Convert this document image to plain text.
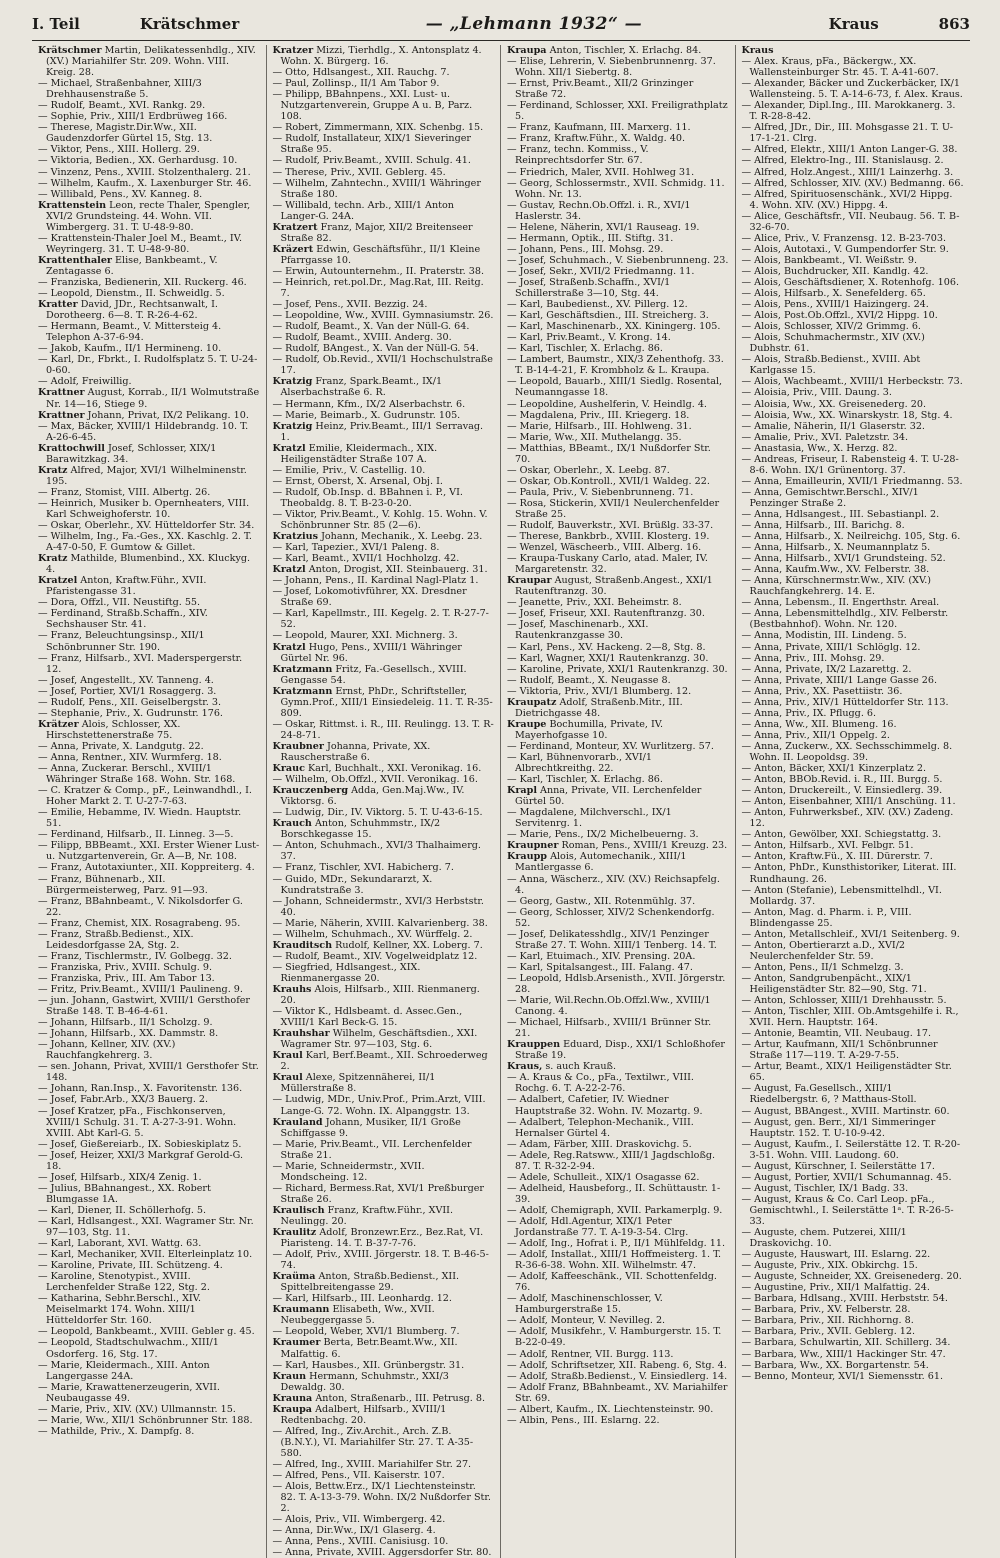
I. Teil	Krätschmer	— „Lehmann 1932“ —	Kraus	863

Krätschmer Martin, Delikatessenhdlg., XIV. (XV.) Mariahilfer Str. 209. Wohn. VIII. Kreig. 28.

— Michael, Straßenbahner, XIII/3 Drehhausenstraße 5.

— Rudolf, Beamt., XVI. Rankg. 29.

— Sophie, Priv., XIII/1 Erdbrüweg 166.

— Therese, Magistr.Dir.Ww., XII. Gaudenzdorfer Gürtel 15, Stg. 13.

— Viktor, Pens., XIII. Hollerg. 29.

— Viktoria, Bedien., XX. Gerhardusg. 10.

— Vinzenz, Pens., XVIII. Stolzenthalerg. 21.

— Wilhelm, Kaufm., X. Laxenburger Str. 46.

— Willibald, Pens., XV. Kanneg. 8.

Krattenstein Leon, recte Thaler, Spengler, XVI/2 Grundsteing. 44. Wohn. VII. Wimbergerg. 31. T. U-48-9-80.

— Krattenstein-Thaler Joel M., Beamt., IV. Weyringerg. 31. T. U-48-9-80.

Krattenthaler Elise, Bankbeamt., V. Zentagasse 6.

— Franziska, Bedienerin, XII. Ruckerg. 46.

— Leopold, Dienstm., II. Schweidlg. 5.

Kratter David, JDr., Rechtsanwalt, I. Dorotheerg. 6—8. T. R-26-4-62.

— Hermann, Beamt., V. Mittersteig 4. Telephon A-37-6-94.

— Jakob, Kaufm., II/1 Hermineng. 10.

— Karl, Dr., Fbrkt., I. Rudolfsplatz 5. T. U-24-0-60.

— Adolf, Freiwillig.

Krattner August, Korrab., II/1 Wolmutstraße Nr. 14—16, Stiege 9.

Krattner Johann, Privat, IX/2 Pelikang. 10.

— Max, Bäcker, XVIII/1 Hildebrandg. 10. T. A-26-6-45.

Krattochwill Josef, Schlosser, XIX/1 Barawitzkag. 34.

Kratz Alfred, Major, XVI/1 Wilhelminenstr. 195.

— Franz, Stomist, VIII. Albertg. 26.

— Heinrich, Musiker b. Opernheaters, VIII. Karl Schweighoferstr. 10.

— Oskar, Oberlehr., XV. Hütteldorfer Str. 34.

— Wilhelm, Ing., Fa.-Ges., XX. Kaschlg. 2. T. A-47-0-50, F. Gumtow & Gillet.

Kratz Mathilde, Blumenbind., XX. Kluckyg. 4.

Kratzel Anton, Kraftw.Führ., XVII. Pfaristengasse 31.

— Dora, Offzl., VII. Neustiftg. 55.

— Ferdinand, Straßb.Schaffn., XIV. Sechshauser Str. 41.

— Franz, Beleuchtungsinsp., XII/1 Schönbrunner Str. 190.

— Franz, Hilfsarb., XVI. Maderspergerstr. 12.

— Josef, Angestellt., XV. Tanneng. 4.

— Josef, Portier, XVI/1 Rosaggerg. 3.

— Rudolf, Pens., XII. Geiselbergstr. 3.

— Stephanie, Priv., X. Gudrunstr. 176.

Krätzer Alois, Schlosser, XX. Hirschstettenerstraße 75.

— Anna, Private, X. Landgutg. 22.

— Anna, Rentner., XIV. Wurmferg. 18.

— Anna, Zuckerar. Berschl., XVIII/1 Währinger Straße 168. Wohn. Str. 168.

— C. Kratzer & Comp., pF., Leinwandhdl., I. Hoher Markt 2. T. U-27-7-63.

— Emilie, Hebamme, IV. Wiedn. Hauptstr. 51.

— Ferdinand, Hilfsarb., II. Linneg. 3—5.

— Filipp, BBBeamt., XXI. Erster Wiener Lust- u. Nutzgartenverein, Gr. A—B, Nr. 108.

— Franz, Autotaxiunter., XII. Koppreiterg. 4.

— Franz, Bühnenarb., XII. Bürgermeisterweg, Parz. 91—93.

— Franz, BBahnbeamt., V. Nikolsdorfer G. 22.

— Franz, Chemist, XIX. Rosagrabeng. 95.

— Franz, Straßb.Bedienst., XIX. Leidesdorfgasse 2A, Stg. 2.

— Franz, Tischlermstr., IV. Golbegg. 32.

— Franziska, Priv., XVIII. Schulg. 9.

— Franziska, Priv., III. Am Tabor 13.

— Fritz, Priv.Beamt., XVIII/1 Paulineng. 9.

— jun. Johann, Gastwirt, XVIII/1 Gersthofer Straße 148. T. B-46-4-61.

— Johann, Hilfsarb., II/1 Scholzg. 9.

— Johann, Hilfsarb., XX. Dammstr. 8.

— Johann, Kellner, XIV. (XV.) Rauchfangkehrerg. 3.

— sen. Johann, Privat, XVIII/1 Gersthofer Str. 148.

— Johann, Ran.Insp., X. Favoritenstr. 136.

— Josef, Fabr.Arb., XX/3 Bauerg. 2.

— Josef Kratzer, pFa., Fischkonserven, XVIII/1 Schulg. 31. T. A-27-3-91. Wohn. XVIII. Abt Karl-G. 5.

— Josef, Gießereiarb., IX. Sobieskiplatz 5.

— Josef, Heizer, XXI/3 Markgraf Gerold-G. 18.

— Josef, Hilfsarb., XIX/4 Zenig. 1.

— Julius, BBahnangest., XX. Robert Blumgasse 1A.

— Karl, Diener, II. Schöllerhofg. 5.

— Karl, Hdlsangest., XXI. Wagramer Str. Nr. 97—103, Stg. 11.

— Karl, Laborant, XVI. Wattg. 63.

— Karl, Mechaniker, XVII. Elterleinplatz 10.

— Karoline, Private, III. Schützeng. 4.

— Karoline, Stenotypist., XVIII. Lerchenfelder Straße 122, Stg. 2.

— Katharina, Sebhr.Berschl., XIV. Meiselmarkt 174. Wohn. XIII/1 Hütteldorfer Str. 160.

— Leopold, Bankbeamt., XVIII. Gebler g. 45.

— Leopold, Stadtschulwachm., XIII/1 Osdorferg. 16, Stg. 17.

— Marie, Kleidermach., XIII. Anton Langergasse 24A.

— Marie, Krawattenerzeugerin, XVII. Neubaugasse 49.

— Marie, Priv., XIV. (XV.) Ullmannstr. 15.

— Marie, Ww., XII/1 Schönbrunner Str. 188.

— Mathilde, Priv., X. Dampfg. 8.

Kratzer Mizzi, Tierhdlg., X. Antonsplatz 4. Wohn. X. Bürgerg. 16.

— Otto, Hdlsangest., XII. Rauchg. 7.

— Paul, Zollinsp., II/1 Am Tabor 9.

— Philipp, BBahnpens., XXI. Lust- u. Nutzgartenverein, Gruppe A u. B, Parz. 108.

— Robert, Zimmermann, XIX. Schenbg. 15.

— Rudolf, Installateur, XIX/1 Sieveringer Straße 95.

— Rudolf, Priv.Beamt., XVIII. Schulg. 41.

— Therese, Priv., XVII. Geblerg. 45.

— Wilhelm, Zahntechn., XVIII/1 Währinger Straße 180.

— Willibald, techn. Arb., XIII/1 Anton Langer-G. 24A.

Kratzert Franz, Major, XII/2 Breitenseer Straße 82.

Kräzert Edwin, Geschäftsführ., II/1 Kleine Pfarrgasse 10.

— Erwin, Autounternehm., II. Praterstr. 38.

— Heinrich, ret.pol.Dr., Mag.Rat, III. Reitg. 7.

— Josef, Pens., XVII. Bezzig. 24.

— Leopoldine, Ww., XVIII. Gymnasiumstr. 26.

— Rudolf, Beamt., X. Van der Nüll-G. 64.

— Rudolf, Beamt., XVIII. Anderg. 30.

— Rudolf, BAngest., X. Van der Nüll-G. 54.

— Rudolf, Ob.Revid., XVII/1 Hochschulstraße 17.

Kratzig Franz, Spark.Beamt., IX/1 Alserbachstraße 6. R.

— Hermann, Kfm., IX/2 Alserbachstr. 6.

— Marie, Beimarb., X. Gudrunstr. 105.

Kratzig Heinz, Priv.Beamt., III/1 Serravag. 1.

Kratzl Emilie, Kleidermach., XIX. Heiligenstädter Straße 107 A.

— Emilie, Priv., V. Castellig. 10.

— Ernst, Oberst, X. Arsenal, Obj. I.

— Rudolf, Ob.Insp. d. BBahnen i. P., VI. Theobaldg. 8. T. B-23-0-20.

— Viktor, Priv.Beamt., V. Kohlg. 15. Wohn. V. Schönbrunner Str. 85 (2—6).

Kratzius Johann, Mechanik., X. Leebg. 23.

— Karl, Tapezier., XVI/1 Paleng. 8.

— Karl, Beamt., XVII/1 Hochholzg. 42.

Kratzl Anton, Drogist, XII. Steinbauerg. 31.

— Johann, Pens., II. Kardinal Nagl-Platz 1.

— Josef, Lokomotivführer, XX. Dresdner Straße 69.

— Karl, Kapellmstr., III. Kegelg. 2. T. R-27-7-52.

— Leopold, Maurer, XXI. Michnerg. 3.

Kratzl Hugo, Pens., XVIII/1 Währinger Gürtel Nr. 96.

Kratzmann Fritz, Fa.-Gesellsch., XVIII. Gengasse 54.

Kratzmann Ernst, PhDr., Schriftsteller, Gymn.Prof., XIII/1 Einsiedeleig. 11. T. R-35-809.

— Oskar, Rittmst. i. R., III. Reulingg. 13. T. R-24-8-71.

Kraubner Johanna, Private, XX. Rauscherstraße 6.

Krauc Karl, Buchhalt., XXI. Veronikag. 16.

— Wilhelm, Ob.Offzl., XVII. Veronikag. 16.

Krauczenberg Adda, Gen.Maj.Ww., IV. Viktorsg. 6.

— Ludwig, Dir., IV. Viktorg. 5. T. U-43-6-15.

Krauch Anton, Schuhmmstr., IX/2 Borschkegasse 15.

— Anton, Schuhmach., XVI/3 Thalhaimerg. 37.

— Franz, Tischler, XVI. Habicherg. 7.

— Guido, MDr., Sekundararzt, X. Kundratstraße 3.

— Johann, Schneidermstr., XVI/3 Herbststr. 40.

— Marie, Näherin, XVIII. Kalvarienberg. 38.

— Wilhelm, Schuhmach., XV. Würffelg. 2.

Krauditsch Rudolf, Kellner, XX. Loberg. 7.

— Rudolf, Beamt., XIV. Vogelweidplatz 12.

— Siegfried, Hdlsangest., XIX. Rienmanergasse 20.

Krauhs Alois, Hilfsarb., XIII. Rienmanerg. 20.

— Viktor K., Hdlsbeamt. d. Assec.Gen., XVIII/1 Karl Beck-G. 15.

Krauhshar Wilhelm, Geschäftsdien., XXI. Wagramer Str. 97—103, Stg. 6.

Kraul Karl, Berf.Beamt., XII. Schroederweg 2.

Kraul Alexe, Spitzennäherei, II/1 Müllerstraße 8.

— Ludwig, MDr., Univ.Prof., Prim.Arzt, VIII. Lange-G. 72. Wohn. IX. Alpanggstr. 13.

Krauland Johann, Musiker, II/1 Große Schiffgasse 9.

— Marie, Priv.Beamt., VII. Lerchenfelder Straße 21.

— Marie, Schneidermstr., XVII. Mondscheing. 12.

— Richard, Bermess.Rat, XVI/1 Preßburger Straße 26.

Kraulisch Franz, Kraftw.Führ., XVII. Neulingg. 20.

Kraulitz Adolf, Bronzewr.Erz., Bez.Rat, VI. Piaristeng. 14. T. B-37-7-76.

— Adolf, Priv., XVIII. Jörgerstr. 18. T. B-46-5-74.

Kraüma Anton, Straßb.Bedienst., XII. Spittelbreitengasse 29.

— Karl, Hilfsarb., III. Leonhardg. 12.

Kraumann Elisabeth, Ww., XVII. Neubeggergasse 5.

— Leopold, Weber, XVI/1 Blumberg. 7.

Kraumer Berta, Betr.Beamt.Ww., XII. Malfattig. 6.

— Karl, Hausbes., XII. Grünbergstr. 31.

Kraun Hermann, Schuhmstr., XXI/3 Dewaldg. 30.

Krauna Anton, Straßenarb., III. Petrusg. 8.

Kraupa Adalbert, Hilfsarb., XVIII/1 Redtenbachg. 20.

— Alfred, Ing., Ziv.Archit., Arch. Z.B. (B.N.Y.), VI. Mariahilfer Str. 27. T. A-35-580.

— Alfred, Ing., XVIII. Mariahilfer Str. 27.

— Alfred, Pens., VII. Kaiserstr. 107.

— Alois, Bettw.Erz., IX/1 Liechtensteinstr. 82. T. A-13-3-79. Wohn. IX/2 Nußdorfer Str. 2.

— Alois, Priv., VII. Wimbergerg. 42.

— Anna, Dir.Ww., IX/1 Glaserg. 4.

— Anna, Pens., XVIII. Canisiusg. 10.

— Anna, Private, XVIII. Aggersdorfer Str. 80.

Kraupa Anton, Tischler, X. Erlachg. 84.

— Elise, Lehrerin, V. Siebenbrunnenrg. 37. Wohn. XII/1 Siebertg. 8.

— Ernst, Priv.Beamt., XII/2 Grinzinger Straße 72.

— Ferdinand, Schlosser, XXI. Freiligrathplatz 5.

— Franz, Kaufmann, III. Marxerg. 11.

— Franz, Kraftw.Führ., X. Waldg. 40.

— Franz, techn. Kommiss., V. Reinprechtsdorfer Str. 67.

— Friedrich, Maler, XVII. Hohlweg 31.

— Georg, Schlossermstr., XVII. Schmidg. 11. Wohn. Nr. 13.

— Gustav, Rechn.Ob.Offzl. i. R., XVI/1 Haslerstr. 34.

— Helene, Näherin, XVI/1 Rauseag. 19.

— Hermann, Optik., III. Stiftg. 31.

— Johann, Pens., III. Mohsg. 29.

— Josef, Schuhmach., V. Siebenbrunneng. 23.

— Josef, Sekr., XVII/2 Friedmanng. 11.

— Josef, Straßenb.Schaffn., XVI/1 Schillerstraße 3—10, Stg. 44.

— Karl, Baubedienst., XV. Pillerg. 12.

— Karl, Geschäftsdien., III. Streicherg. 3.

— Karl, Maschinenarb., XX. Kiningerg. 105.

— Karl, Priv.Beamt., V. Krong. 14.

— Karl, Tischler, X. Erlachg. 86.

— Lambert, Baumstr., XIX/3 Zehenthofg. 33. T. B-14-4-21, F. Krombholz & L. Kraupa.

— Leopold, Bauarb., XIII/1 Siedlg. Rosental, Neumanngasse 18.

— Leopoldine, Aushelferin, V. Heindlg. 4.

— Magdalena, Priv., III. Kriegerg. 18.

— Marie, Hilfsarb., III. Hohlweng. 31.

— Marie, Ww., XII. Muthelangg. 35.

— Matthias, BBeamt., IX/1 Nußdorfer Str. 70.

— Oskar, Oberlehr., X. Leebg. 87.

— Oskar, Ob.Kontroll., XVII/1 Waldeg. 22.

— Paula, Priv., V. Siebenbrunneng. 71.

— Rosa, Stickerin, XVII/1 Neulerchenfelder Straße 25.

— Rudolf, Bauverkstr., XVI. Brüßlg. 33-37.

— Therese, Bankbrb., XVIII. Klosterg. 19.

— Wenzel, Wäscheerb., VIII. Alberg. 16.

— Kraupa-Tuskany Carlo, atad. Maler, IV. Margaretenstr. 32.

Kraupar August, Straßenb.Angest., XXI/1 Rautenftranzg. 30.

— Jeanette, Priv., XXI. Beheimstr. 8.

— Josef, Friseur, XXI. Rautenftranzg. 30.

— Josef, Maschinenarb., XXI. Rautenkranzgasse 30.

— Karl, Pens., XV. Hackeng. 2—8, Stg. 8.

— Karl, Wagner, XXI/1 Rautenkranzg. 30.

— Karoline, Private, XXI/1 Rautenkranzg. 30.

— Rudolf, Beamt., X. Neugasse 8.

— Viktoria, Priv., XVI/1 Blumberg. 12.

Kraupatz Adolf, Straßenb.Mitr., III. Dietrichgasse 48.

Kraupe Bochumilla, Private, IV. Mayerhofgasse 10.

— Ferdinand, Monteur, XV. Wurlitzerg. 57.

— Karl, Bühnenvorarb., XVI/1 Albrechtkreithg. 22.

— Karl, Tischler, X. Erlachg. 86.

Krapl Anna, Private, VII. Lerchenfelder Gürtel 50.

— Magdalene, Milchverschl., IX/1 Servitenrg. 1.

— Marie, Pens., IX/2 Michelbeuerng. 3.

Kraupner Roman, Pens., XVIII/1 Kreuzg. 23.

Kraupp Alois, Automechanik., XIII/1 Mantlergasse 6.

— Anna, Wäscherz., XIV. (XV.) Reichsapfelg. 4.

— Georg, Gastw., XII. Rotenmühlg. 37.

— Georg, Schlosser, XIV/2 Schenkendorfg. 52.

— Josef, Delikatesshdlg., XIV/1 Penzinger Straße 27. T. Wohn. XIII/1 Tenberg. 14. T.

— Karl, Etuimach., XIV. Prensing. 20A.

— Karl, Spitalsangest., III. Falang. 47.

— Leopold, Hdlsb.Arsenisth., XVII. Jörgerstr. 28.

— Marie, Wil.Rechn.Ob.Offzl.Ww., XVIII/1 Canong. 4.

— Michael, Hilfsarb., XVIII/1 Brünner Str. 21.

Krauppen Eduard, Disp., XXI/1 Schloßhofer Straße 19.

Kraus, s. auch Krauß.

— A. Kraus & Co., pFa., Textilwr., VIII. Rochg. 6. T. A-22-2-76.

— Adalbert, Cafetier, IV. Wiedner Hauptstraße 32. Wohn. IV. Mozartg. 9.

— Adalbert, Telephon-Mechanik., VIII. Hernalser Gürtel 4.

— Adam, Färber, XIII. Draskovichg. 5.

— Adele, Reg.Ratsww., XIII/1 Jagdschloßg. 87. T. R-32-2-94.

— Adele, Schulleit., XIX/1 Osagasse 62.

— Adelheid, Hausbeforg., II. Schüttaustr. 1-39.

— Adolf, Chemigraph, XVII. Parkamerplg. 9.

— Adolf, Hdl.Agentur, XIX/1 Peter Jordanstraße 77. T. A-19-3-54. Clrg.

— Adolf, Ing., Hofrat i. P., II/1 Mühlfeldg. 11.

— Adolf, Installat., XIII/1 Hoffmeisterg. 1. T. R-36-6-38. Wohn. XII. Wilhelmstr. 47.

— Adolf, Kaffeeschänk., VII. Schottenfeldg. 76.

— Adolf, Maschinenschlosser, V. Hamburgerstraße 15.

— Adolf, Monteur, V. Nevilleg. 2.

— Adolf, Musikfehr., V. Hamburgerstr. 15. T. B-22-0-49.

— Adolf, Rentner, VII. Burgg. 113.

— Adolf, Schriftsetzer, XII. Rabeng. 6, Stg. 4.

— Adolf, Straßb.Bedienst., V. Einsiedlerg. 14.

— Adolf Franz, BBahnbeamt., XV. Mariahilfer Str. 69.

— Albert, Kaufm., IX. Liechtensteinstr. 90.

— Albin, Pens., III. Eslarng. 22.

Kraus

— Alex. Kraus, pFa., Bäckergw., XX. Wallensteinburger Str. 45. T. A-41-607.

— Alexander, Bäcker und Zuckerbäcker, IX/1 Wallensteing. 5. T. A-14-6-73, f. Alex. Kraus.

— Alexander, Dipl.Ing., III. Marokkanerg. 3. T. R-28-8-42.

— Alfred, JDr., Dir., III. Mohsgasse 21. T. U-17-1-21. Clrg.

— Alfred, Elektr., XIII/1 Anton Langer-G. 38.

— Alfred, Elektro-Ing., III. Stanislausg. 2.

— Alfred, Holz.Angest., XIII/1 Lainzerhg. 3.

— Alfred, Schlosser, XIV. (XV.) Bedmanng. 66.

— Alfred, Spirituosenschänk., XVI/2 Hippg. 4. Wohn. XIV. (XV.) Hippg. 4.

— Alice, Geschäftsfr., VII. Neubaug. 56. T. B-32-6-70.

— Alice, Priv., V. Franzensg. 12. B-23-703.

— Alois, Autotaxi., V. Gumpendorfer Str. 9.

— Alois, Bankbeamt., VI. Weißstr. 9.

— Alois, Buchdrucker, XII. Kandlg. 42.

— Alois, Geschäftsdiener, X. Rotenhofg. 106.

— Alois, Hilfsarb., X. Senefelderg. 65.

— Alois, Pens., XVIII/1 Haizingerg. 24.

— Alois, Post.Ob.Offzl., XVI/2 Hippg. 10.

— Alois, Schlosser, XIV/2 Grimmg. 6.

— Alois, Schuhmachermstr., XIV (XV.) Dubhstr. 61.

— Alois, Straßb.Bedienst., XVIII. Abt Karlgasse 15.

— Alois, Wachbeamt., XVIII/1 Herbeckstr. 73.

— Aloisia, Priv., VIII. Daung. 3.

— Aloisia, Ww., XX. Greisenederg. 20.

— Aloisia, Ww., XX. Winarskystr. 18, Stg. 4.

— Amalie, Näherin, II/1 Glaserstr. 32.

— Amalie, Priv., XVI. Paletzstr. 34.

— Anastasia, Ww., X. Herzg. 82.

— Andreas, Friseur, I. Rabensteig 4. T. U-28-8-6. Wohn. IX/1 Grünentorg. 37.

— Anna, Emailleurin, XVII/1 Friedmanng. 53.

— Anna, Gemischtwr.Berschl., XIV/1 Penzinger Straße 2.

— Anna, Hdlsangest., III. Sebastianpl. 2.

— Anna, Hilfsarb., III. Barichg. 8.

— Anna, Hilfsarb., X. Neilreichg. 105, Stg. 6.

— Anna, Hilfsarb., X. Neumannplatz 5.

— Anna, Hilfsarb., XVI/1 Grundsteing. 52.

— Anna, Kaufm.Ww., XV. Felberstr. 38.

— Anna, Kürschnermstr.Ww., XIV. (XV.) Rauchfangkehrerg. 14. E.

— Anna, Lebensm., II. Engerthstr. Areal.

— Anna, Lebensmittelhdlg., XIV. Felberstr. (Bestbahnhof). Wohn. Nr. 120.

— Anna, Modistin, III. Lindeng. 5.

— Anna, Private, XIII/1 Schlöglg. 12.

— Anna, Priv., III. Mohsg. 29.

— Anna, Private, IX/2 Lazarettg. 2.

— Anna, Private, XIII/1 Lange Gasse 26.

— Anna, Priv., XX. Pasettiistr. 36.

— Anna, Priv., XIV/1 Hütteldorfer Str. 113.

— Anna, Priv., IX. Pflugg. 6.

— Anna, Ww., XII. Blumeng. 16.

— Anna, Priv., XII/1 Oppelg. 2.

— Anna, Zuckerw., XX. Sechsschimmelg. 8. Wohn. II. Leopoldsg. 39.

— Anton, Bäcker, XXI/1 Kinzerplatz 2.

— Anton, BBOb.Revid. i. R., III. Burgg. 5.

— Anton, Druckereilt., V. Einsiedlerg. 39.

— Anton, Eisenbahner, XIII/1 Anschüng. 11.

— Anton, Fuhrwerksbef., XIV. (XV.) Zadeng. 12.

— Anton, Gewölber, XXI. Schiegstattg. 3.

— Anton, Hilfsarb., XVI. Felbgr. 51.

— Anton, Kraftw.Fü., X. III. Dürerstr. 7.

— Anton, PhDr., Kunsthistoriker, Literat. III. Rundhaung. 26.

— Anton (Stefanie), Lebensmittelhdl., VI. Mollardg. 37.

— Anton, Mag. d. Pharm. i. P., VIII. Blindengasse 25.

— Anton, Metallschleif., XVI/1 Seitenberg. 9.

— Anton, Obertierarzt a.D., XVI/2 Neulerchenfelder Str. 59.

— Anton, Pens., II/1 Schmelzg. 3.

— Anton, Sandgrubenpächt., XIX/1 Heiligenstädter Str. 82—90, Stg. 71.

— Anton, Schlosser, XIII/1 Drehhausstr. 5.

— Anton, Tischler, XIII. Ob.Amtsgehilfe i. R., XVII. Hern. Hauptstr. 164.

— Antonie, Beamtin, VII. Neubaug. 17.

— Artur, Kaufmann, XII/1 Schönbrunner Straße 117—119. T. A-29-7-55.

— Artur, Beamt., XIX/1 Heiligenstädter Str. 65.

— August, Fa.Gesellsch., XIII/1 Riedelbergstr. 6, ? Matthaus-Stoll.

— August, BBAngest., XVIII. Martinstr. 60.

— August, gen. Berr., XI/1 Simmeringer Hauptstr. 152. T. U-10-9-42.

— August, Kaufm., I. Seilerstätte 12. T. R-20-3-51. Wohn. VIII. Laudong. 60.

— August, Kürschner, I. Seilerstätte 17.

— August, Portier, XVII/1 Schumannag. 45.

— August, Tischler, IX/1 Badg. 33.

— August, Kraus & Co. Carl Leop. pFa., Gemischtwhl., I. Seilerstätte 1ᵃ. T. R-26-5-33.

— Auguste, chem. Putzerei, XIII/1 Draskovichg. 10.

— Auguste, Hauswart, III. Eslarng. 22.

— Auguste, Priv., XIX. Obkirchg. 15.

— Auguste, Schneider, XX. Greisenederg. 20.

— Augustine, Priv., XII/1 Malfattig. 24.

— Barbara, Hdlsang., XVIII. Herbststr. 54.

— Barbara, Priv., XV. Felberstr. 28.

— Barbara, Priv., XII. Richhorng. 8.

— Barbara, Priv., XVII. Geblerg. 12.

— Barbara, Schulwartin, XII. Schillerg. 34.

— Barbara, Ww., XIII/1 Hackinger Str. 47.

— Barbara, Ww., XX. Borgartenstr. 54.

— Benno, Monteur, XVI/1 Siemensstr. 61.
